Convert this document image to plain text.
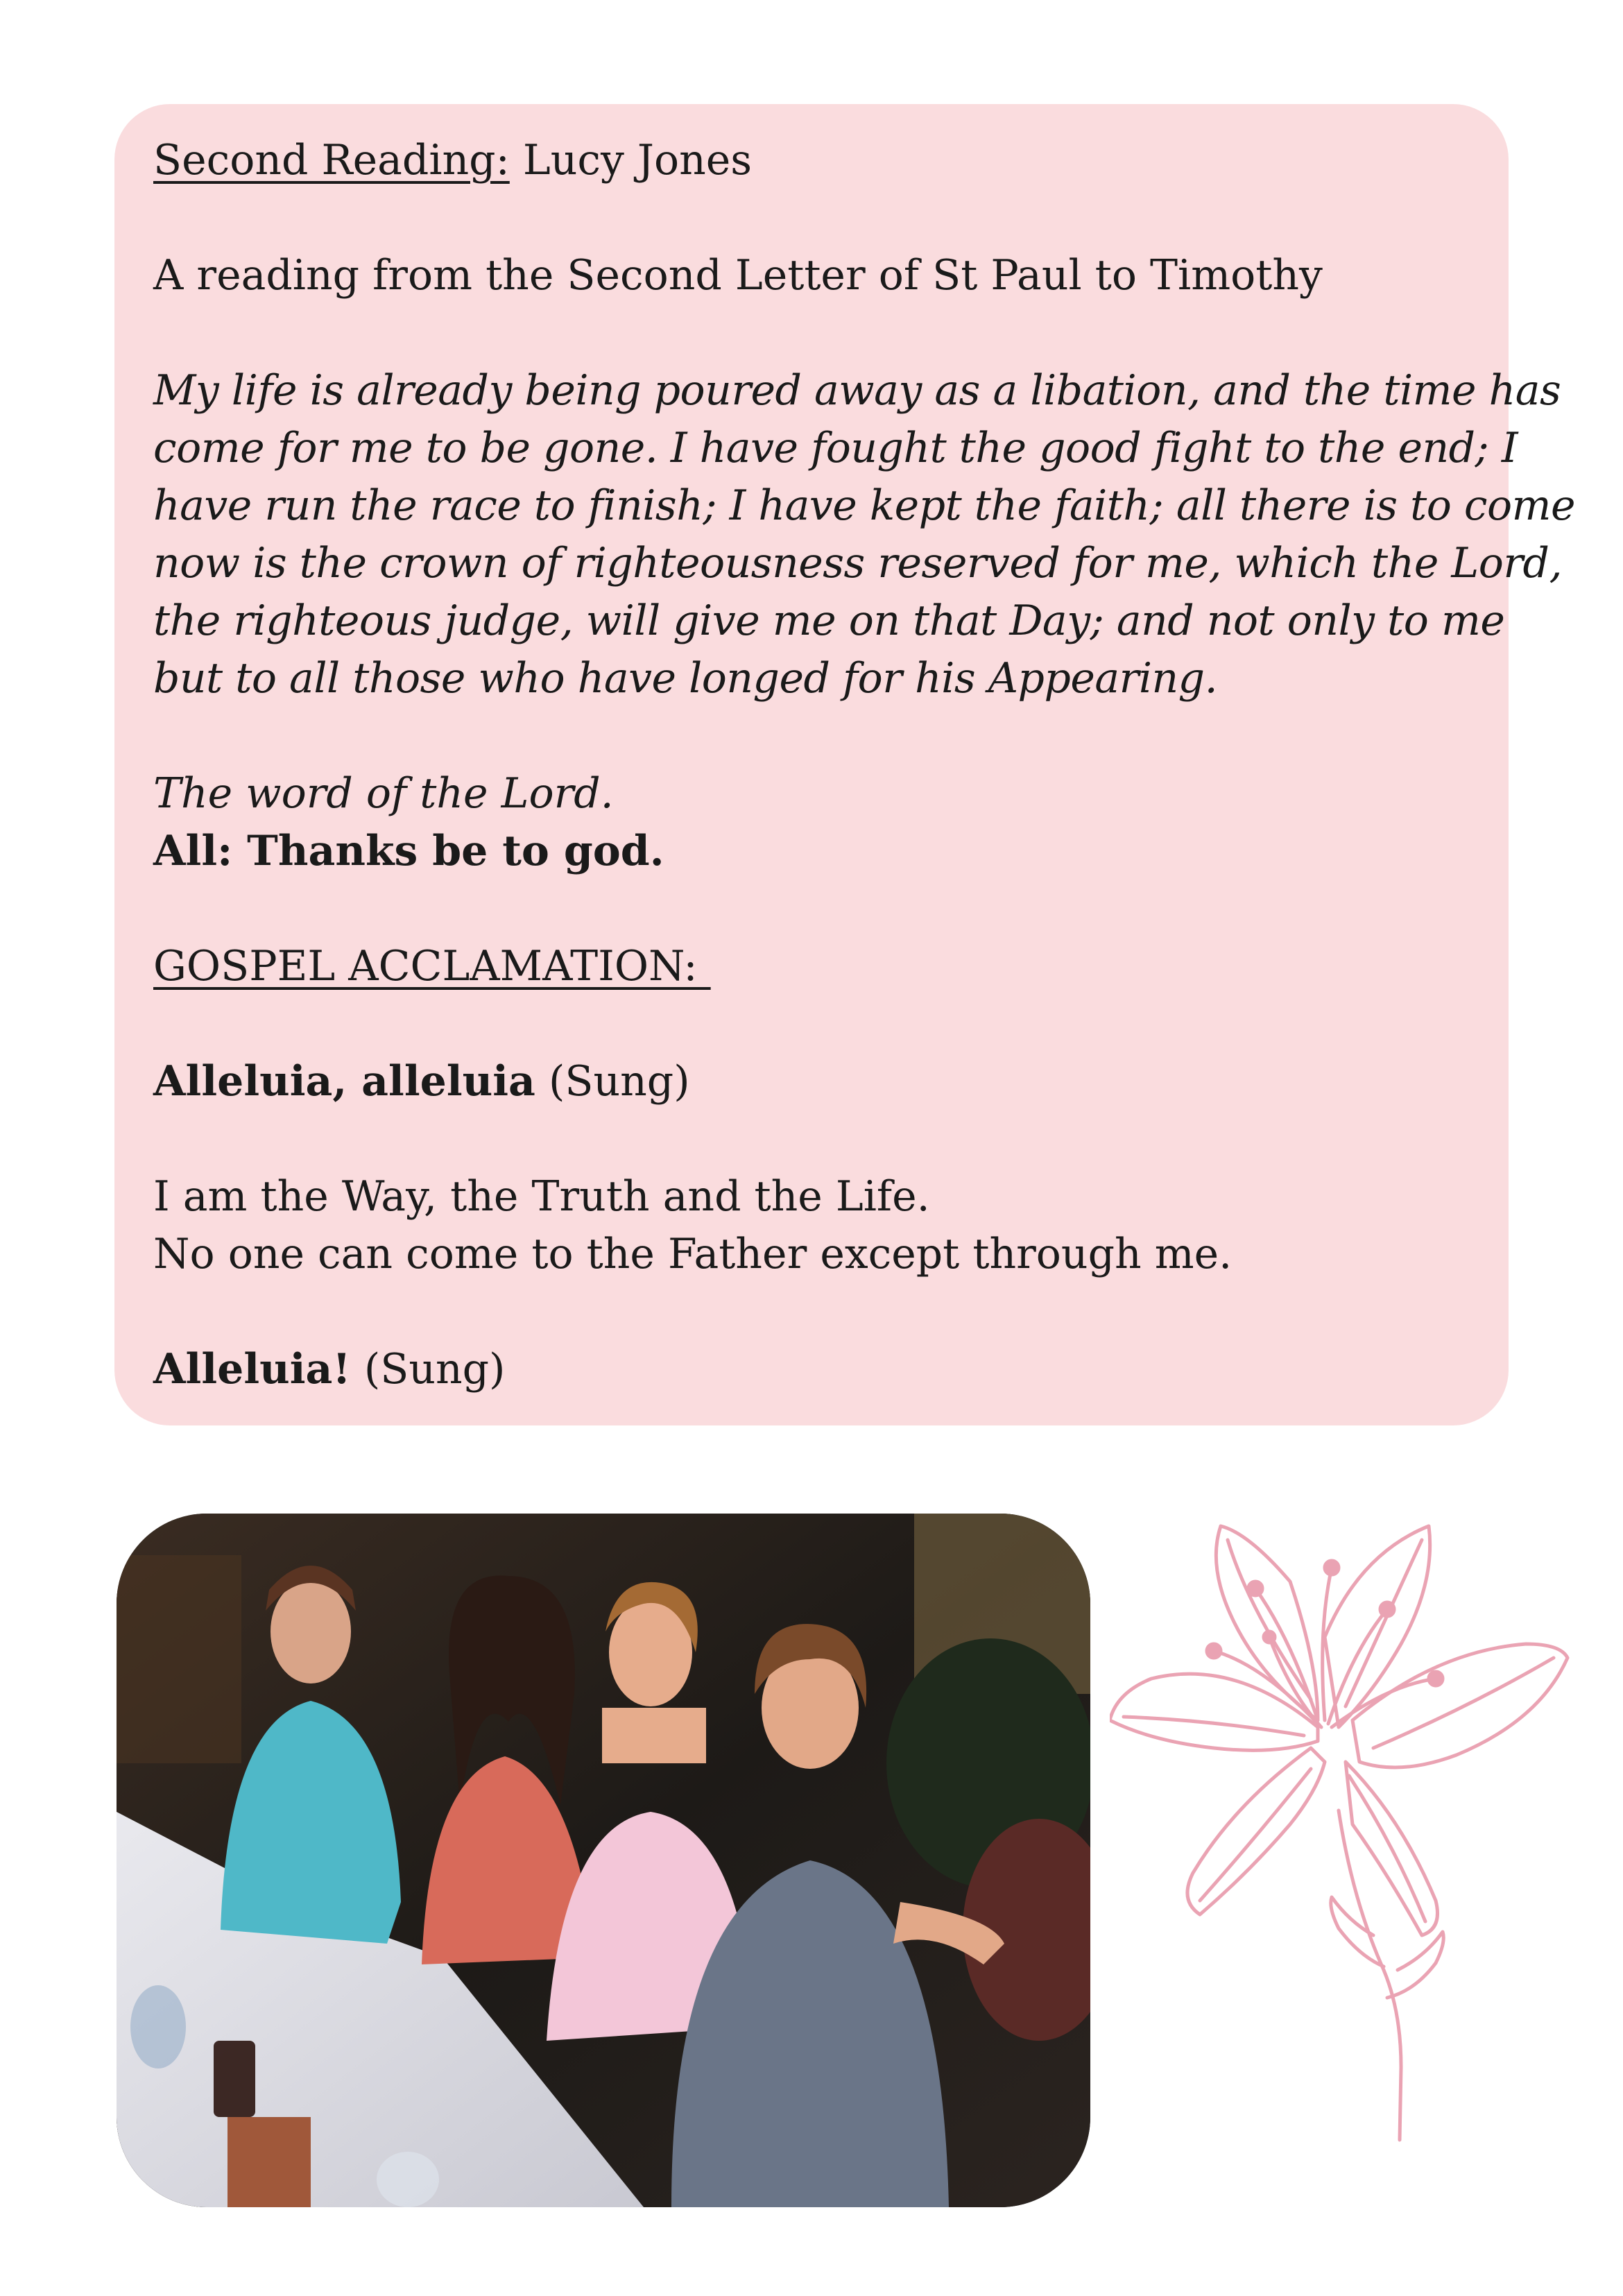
Second Reading: Lucy Jones

A reading from the Second Letter of St Paul to Timothy

My life is already being poured away as a libation, and the time has

come for me to be gone. I have fought the good fight to the end; I

have run the race to finish; I have kept the faith; all there is to come

now is the crown of righteousness reserved for me, which the Lord,

the righteous judge, will give me on that Day; and not only to me

but to all those who have longed for his Appearing.

The word of the Lord.

All: Thanks be to god.

GOSPEL ACCLAMATION:

Alleluia, alleluia (Sung)

I am the Way, the Truth and the Life.

No one can come to the Father except through me.

Alleluia! (Sung)
